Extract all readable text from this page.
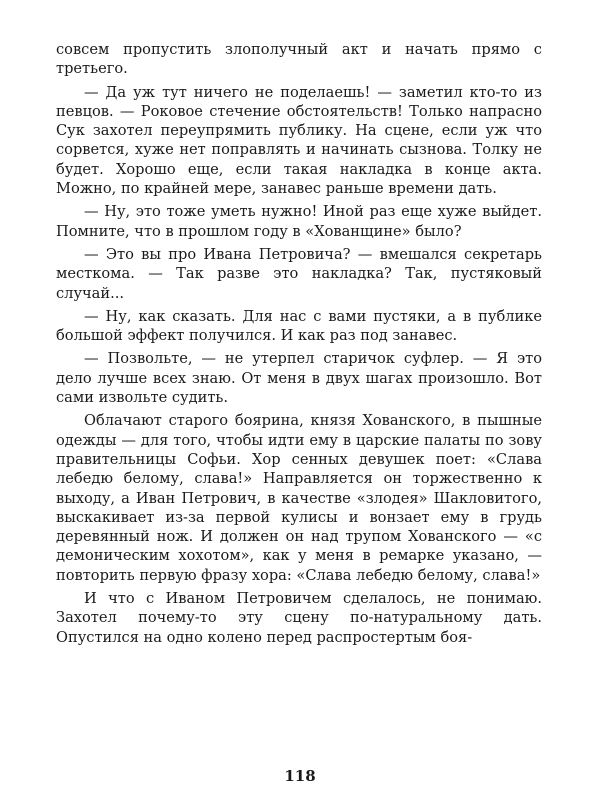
совсем пропустить злополучный акт и начать прямо с третьего.

— Да уж тут ничего не поделаешь! — заметил кто-то из певцов. — Роковое стечение обстоятельств! Только напрасно Сук захотел переупрямить публику. На сцене, если уж что сорвется, хуже нет поправлять и начинать сызнова. Толку не будет. Хорошо еще, если такая накладка в конце акта. Можно, по крайней мере, занавес раньше времени дать.

— Ну, это тоже уметь нужно! Иной раз еще хуже выйдет. Помните, что в прошлом году в «Хованщине» было?

— Это вы про Ивана Петровича? — вмешался секретарь месткома. — Так разве это накладка? Так, пустяковый случай...

— Ну, как сказать. Для нас с вами пустяки, а в публике большой эффект получился. И как раз под занавес.

— Позвольте, — не утерпел старичок суфлер. — Я это дело лучше всех знаю. От меня в двух шагах произошло. Вот сами извольте судить.

Облачают старого боярина, князя Хованского, в пышные одежды — для того, чтобы идти ему в царские палаты по зову правительницы Софьи. Хор сенных девушек поет: «Слава лебедю белому, слава!» Направляется он торжественно к выходу, а Иван Петрович, в качестве «злодея» Шакловитого, выскакивает из-за первой кулисы и вонзает ему в грудь деревянный нож. И должен он над трупом Хованского — «с демоническим хохотом», как у меня в ремарке указано, — повторить первую фразу хора: «Слава лебедю белому, слава!»

И что с Иваном Петровичем сделалось, не понимаю. Захотел почему-то эту сцену по-натуральному дать. Опустился на одно колено перед распростертым боя-

118
